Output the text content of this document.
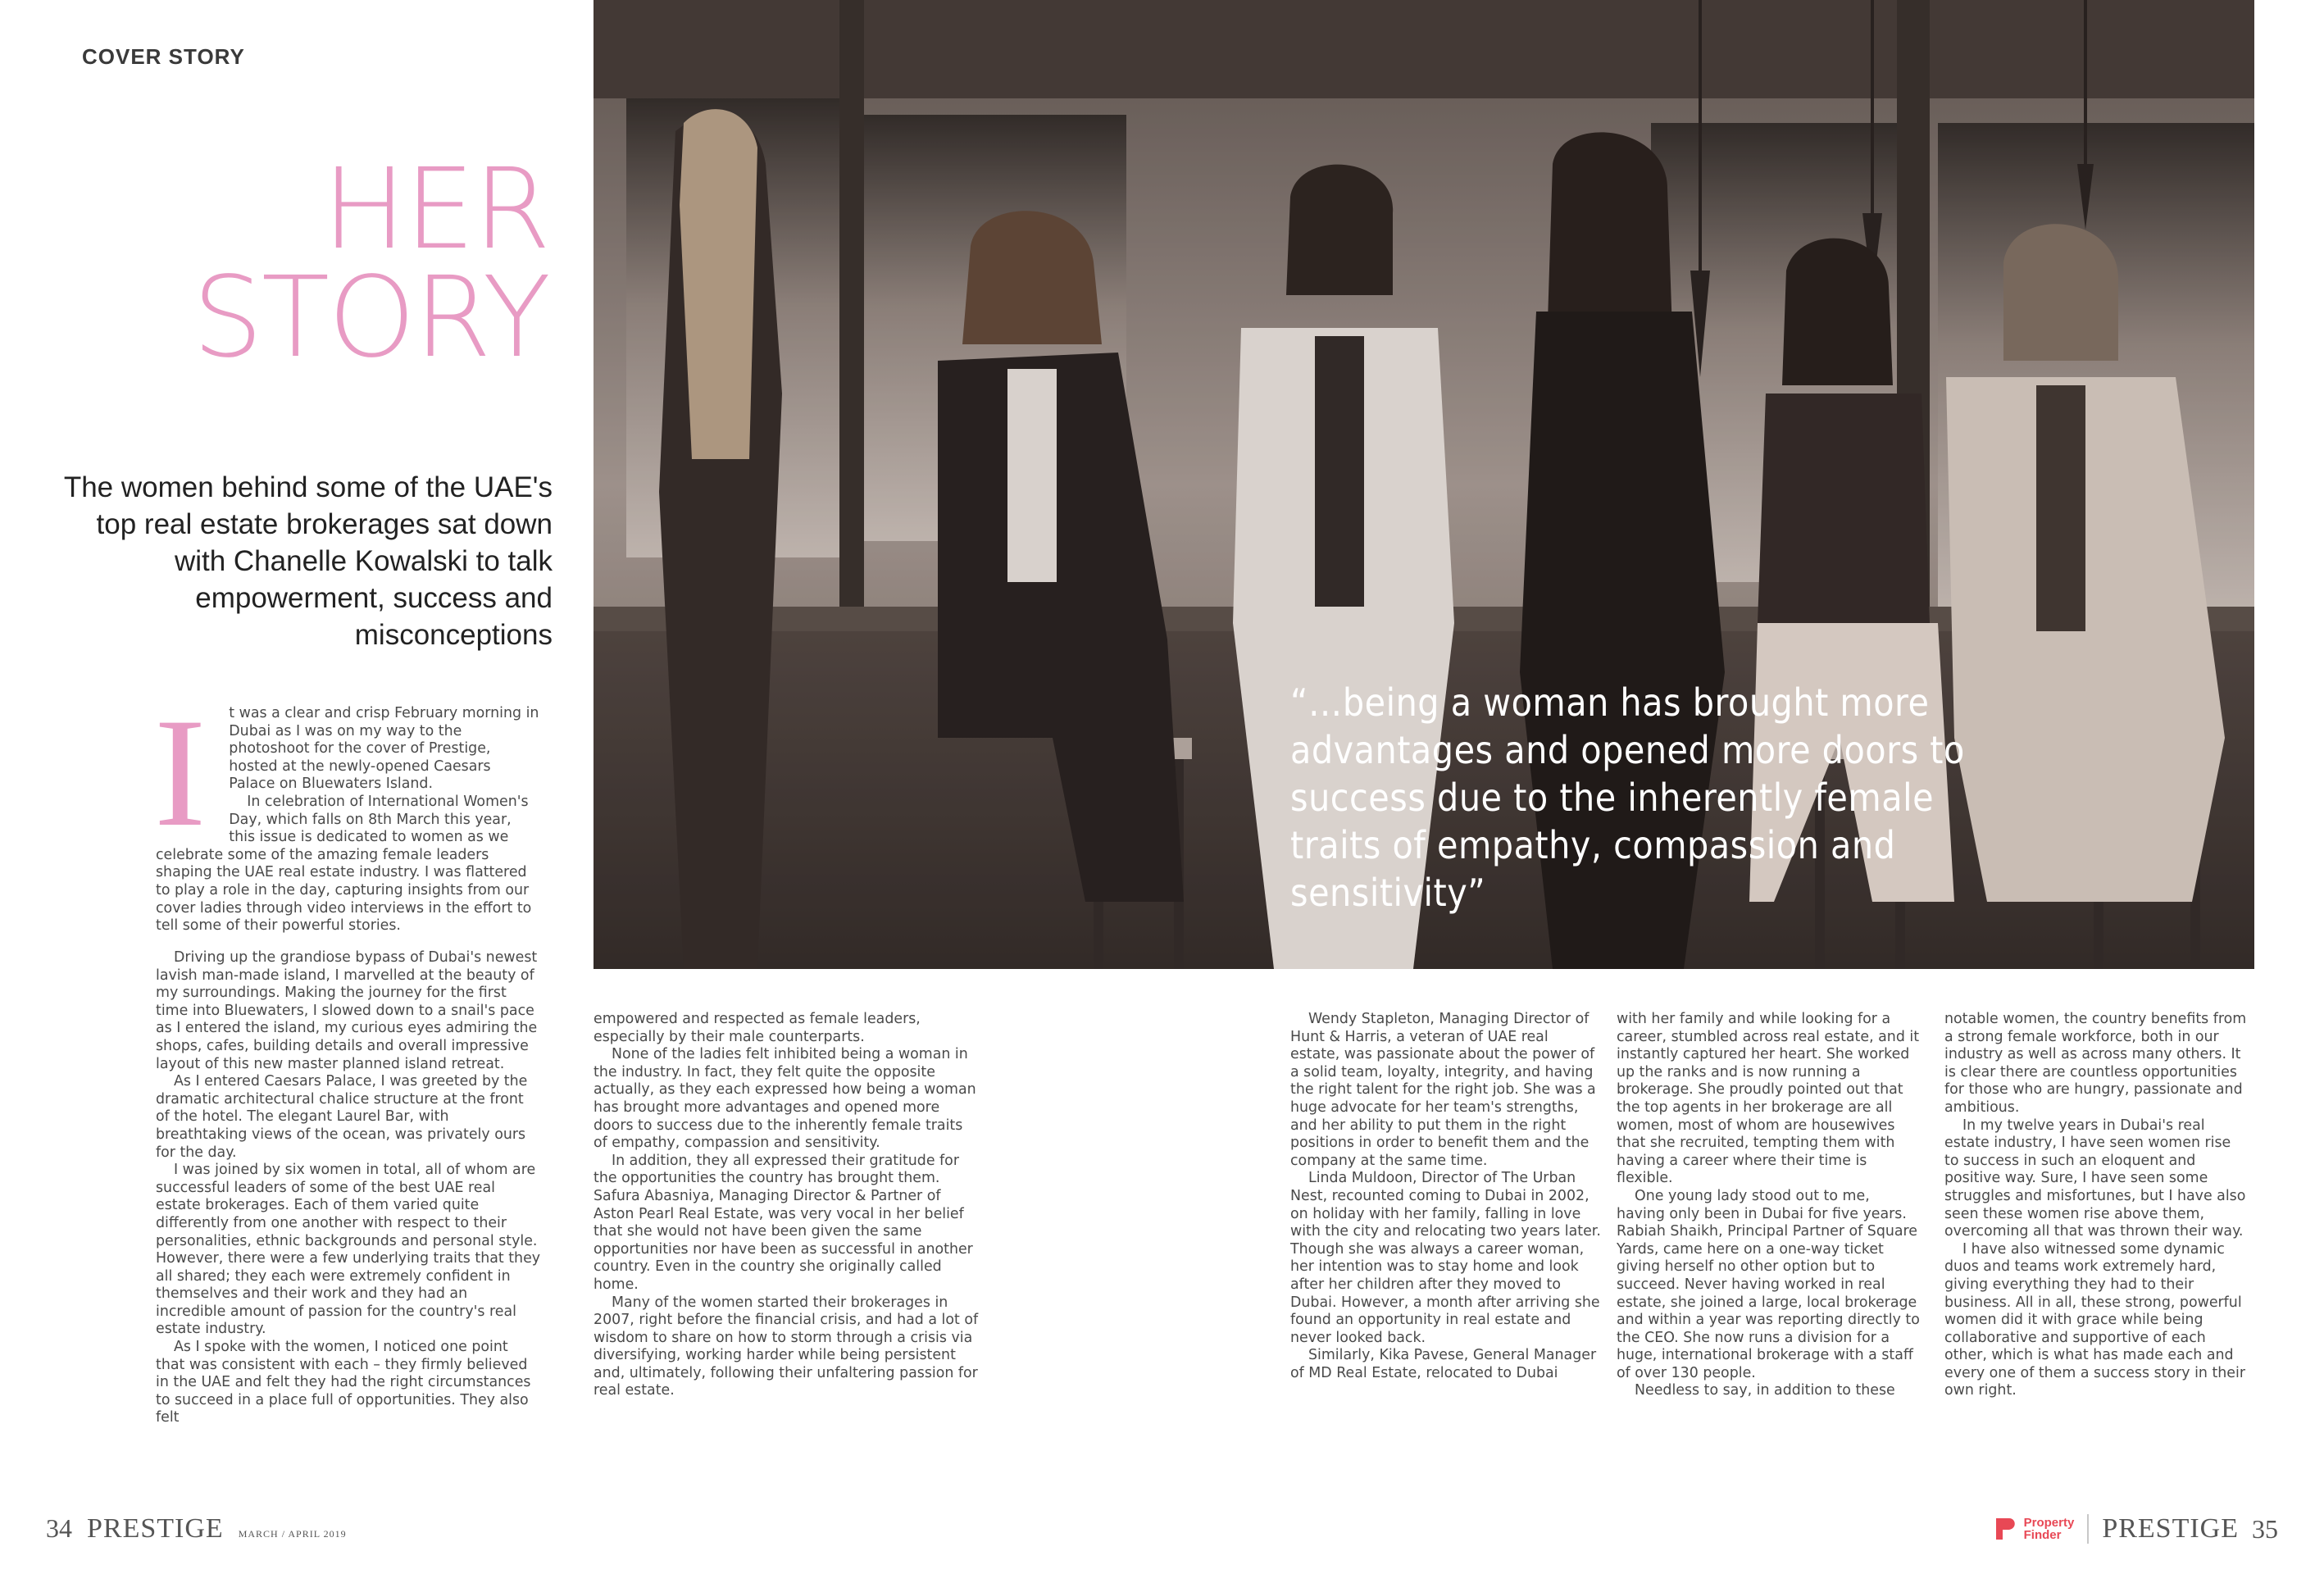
COVER STORY
HER
STORY
The women behind some of the UAE's top real estate brokerages sat down with Chanelle Kowalski to talk empowerment, success and misconceptions
“…being a woman has brought more advantages and opened more doors to success due to the inherently female traits of empathy, compassion and sensitivity”
I	t was a clear and crisp February morning in Dubai as I was on my way to the photoshoot for the cover of Prestige, hosted at the newly-opened Caesars Palace on Bluewaters Island.

In celebration of International Women's Day, which falls on 8th March this year, this issue is dedicated to women as we celebrate some of the amazing female leaders shaping the UAE real estate industry. I was flattered to play a role in the day, capturing insights from our cover ladies through video interviews in the effort to tell some of their powerful stories.

Driving up the grandiose bypass of Dubai's newest lavish man-made island, I marvelled at the beauty of my surroundings. Making the journey for the first time into Bluewaters, I slowed down to a snail's pace as I entered the island, my curious eyes admiring the shops, cafes, building details and overall impressive layout of this new master planned island retreat.

As I entered Caesars Palace, I was greeted by the dramatic architectural chalice structure at the front of the hotel. The elegant Laurel Bar, with breathtaking views of the ocean, was privately ours for the day.

I was joined by six women in total, all of whom are successful leaders of some of the best UAE real estate brokerages. Each of them varied quite differently from one another with respect to their personalities, ethnic backgrounds and personal style. However, there were a few underlying traits that they all shared; they each were extremely confident in themselves and their work and they had an incredible amount of passion for the country's real estate industry.

As I spoke with the women, I noticed one point that was consistent with each – they firmly believed in the UAE and felt they had the right circumstances to succeed in a place full of opportunities. They also felt

empowered and respected as female leaders, especially by their male counterparts.

None of the ladies felt inhibited being a woman in the industry. In fact, they felt quite the opposite actually, as they each expressed how being a woman has brought more advantages and opened more doors to success due to the inherently female traits of empathy, compassion and sensitivity.

In addition, they all expressed their gratitude for the opportunities the country has brought them. Safura Abasniya, Managing Director & Partner of Aston Pearl Real Estate, was very vocal in her belief that she would not have been given the same opportunities nor have been as successful in another country. Even in the country she originally called home.

Many of the women started their brokerages in 2007, right before the financial crisis, and had a lot of wisdom to share on how to storm through a crisis via diversifying, working harder while being persistent and, ultimately, following their unfaltering passion for real estate.

Wendy Stapleton, Managing Director of Hunt & Harris, a veteran of UAE real estate, was passionate about the power of a solid team, loyalty, integrity, and having the right talent for the right job. She was a huge advocate for her team's strengths, and her ability to put them in the right positions in order to benefit them and the company at the same time.

Linda Muldoon, Director of The Urban Nest, recounted coming to Dubai in 2002, on holiday with her family, falling in love with the city and relocating two years later. Though she was always a career woman, her intention was to stay home and look after her children after they moved to Dubai. However, a month after arriving she found an opportunity in real estate and never looked back.

Similarly, Kika Pavese, General Manager of MD Real Estate, relocated to Dubai

with her family and while looking for a career, stumbled across real estate, and it instantly captured her heart. She worked up the ranks and is now running a brokerage. She proudly pointed out that the top agents in her brokerage are all women, most of whom are housewives that she recruited, tempting them with having a career where their time is flexible.

One young lady stood out to me, having only been in Dubai for five years. Rabiah Shaikh, Principal Partner of Square Yards, came here on a one-way ticket giving herself no other option but to succeed. Never having worked in real estate, she joined a large, local brokerage and within a year was reporting directly to the CEO. She now runs a division for a huge, international brokerage with a staff of over 130 people.

Needless to say, in addition to these

notable women, the country benefits from a strong female workforce, both in our industry as well as across many others. It is clear there are countless opportunities for those who are hungry, passionate and ambitious.

In my twelve years in Dubai's real estate industry, I have seen women rise to success in such an eloquent and positive way. Sure, I have seen some struggles and misfortunes, but I have also seen these women rise above them, overcoming all that was thrown their way.

I have also witnessed some dynamic duos and teams work extremely hard, giving everything they had to their business. All in all, these strong, powerful women did it with grace while being collaborative and supportive of each other, which is what has made each and every one of them a success story in their own right.

34 PRESTIGE MARCH / APRIL 2019
Property
Finder	PRESTIGE 35
